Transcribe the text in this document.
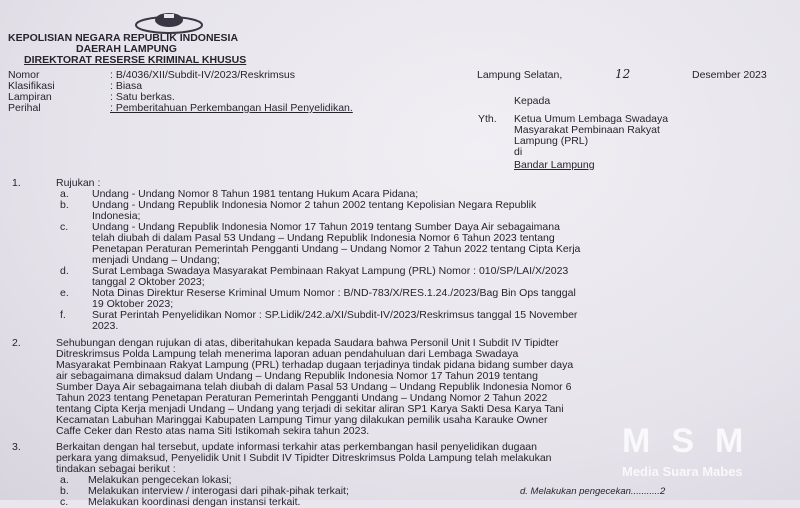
KEPOLISIAN NEGARA REPUBLIK INDONESIA
DAERAH LAMPUNG
DIREKTORAT RESERSE KRIMINAL KHUSUS
Nomor	: B/4036/XII/Subdit-IV/2023/Reskrimsus
Klasifikasi	: Biasa
Lampiran	: Satu berkas.
Perihal	: Pemberitahuan Perkembangan Hasil Penyelidikan.
Lampung Selatan,	12	Desember 2023
Kepada
Yth. Ketua Umum Lembaga Swadaya
Masyarakat Pembinaan Rakyat
Lampung (PRL)
di
Bandar Lampung
1.	Rujukan :
a. Undang - Undang Nomor 8 Tahun 1981 tentang Hukum Acara Pidana;
b. Undang - Undang Republik Indonesia Nomor 2 tahun 2002 tentang Kepolisian Negara Republik
Indonesia;
c. Undang - Undang Republik Indonesia Nomor 17 Tahun 2019 tentang Sumber Daya Air sebagaimana
telah diubah di dalam Pasal 53 Undang – Undang Republik Indonesia Nomor 6 Tahun 2023 tentang
Penetapan Peraturan Pemerintah Pengganti Undang – Undang Nomor 2 Tahun 2022 tentang Cipta Kerja
menjadi Undang – Undang;
d. Surat Lembaga Swadaya Masyarakat Pembinaan Rakyat Lampung (PRL) Nomor : 010/SP/LAI/X/2023
tanggal 2 Oktober 2023;
e. Nota Dinas Direktur Reserse Kriminal Umum Nomor : B/ND-783/X/RES.1.24./2023/Bag Bin Ops tanggal
19 Oktober 2023;
f. Surat Perintah Penyelidikan Nomor : SP.Lidik/242.a/XI/Subdit-IV/2023/Reskrimsus tanggal 15 November
2023.
2.	Sehubungan dengan rujukan di atas, diberitahukan kepada Saudara bahwa Personil Unit I Subdit IV Tipidter
Ditreskrimsus Polda Lampung telah menerima laporan aduan pendahuluan dari Lembaga Swadaya
Masyarakat Pembinaan Rakyat Lampung (PRL) terhadap dugaan terjadinya tindak pidana bidang sumber daya
air sebagaimana dimaksud dalam Undang – Undang Republik Indonesia Nomor 17 Tahun 2019 tentang
Sumber Daya Air sebagaimana telah diubah di dalam Pasal 53 Undang – Undang Republik Indonesia Nomor 6
Tahun 2023 tentang Penetapan Peraturan Pemerintah Pengganti Undang – Undang Nomor 2 Tahun 2022
tentang Cipta Kerja menjadi Undang – Undang yang terjadi di sekitar aliran SP1 Karya Sakti Desa Karya Tani
Kecamatan Labuhan Maringgai Kabupaten Lampung Timur yang dilakukan pemilik usaha Karauke Owner
Caffe Ceker dan Resto atas nama Siti Istikomah sekira tahun 2023.
3.	Berkaitan dengan hal tersebut, update informasi terkahir atas perkembangan hasil penyelidikan dugaan
perkara yang dimaksud, Penyelidik Unit I Subdit IV Tipidter Ditreskrimsus Polda Lampung telah melakukan
tindakan sebagai berikut :
a. Melakukan pengecekan lokasi;
b. Melakukan interview / interogasi dari pihak-pihak terkait;
c. Melakukan koordinasi dengan instansi terkait.
d. Melakukan pengecekan...........2
MSM
Media Suara Mabes
